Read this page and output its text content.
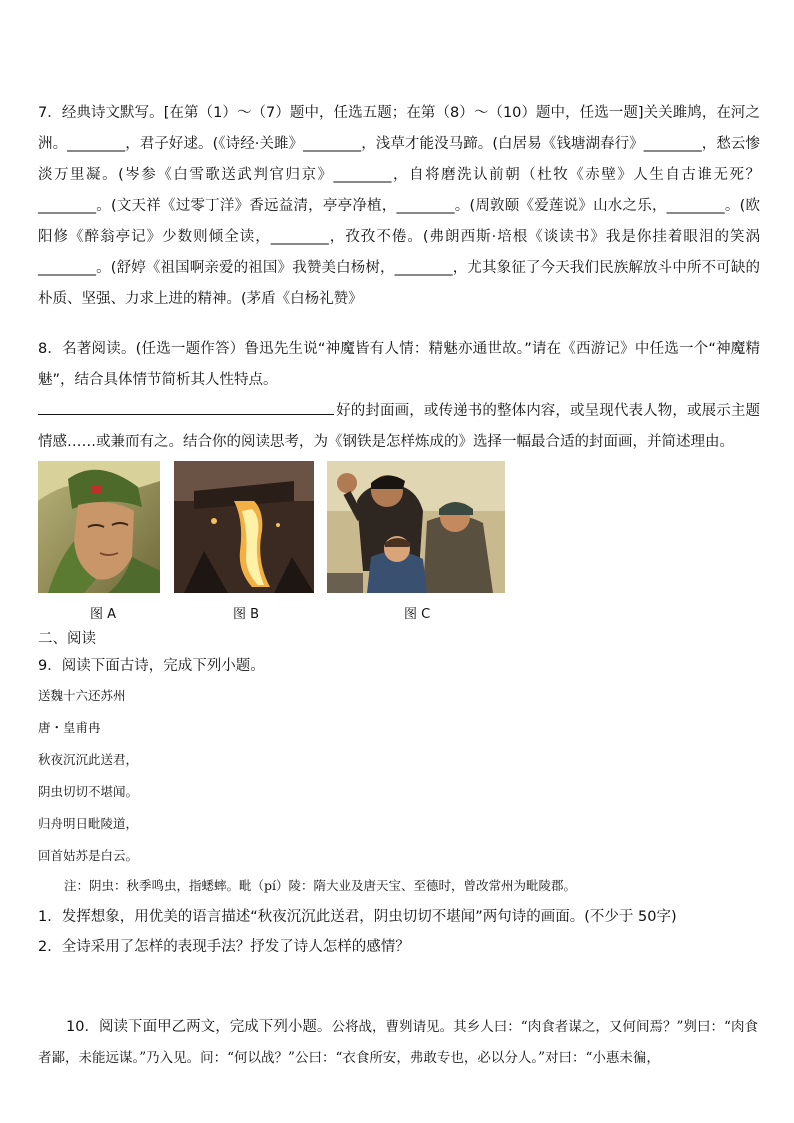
7．经典诗文默写。[在第（1）～（7）题中，任选五题；在第（8）～（10）题中，任选一题]关关雎鸠，在河之洲。________，君子好逑。(《诗经·关雎》________，浅草才能没马蹄。(白居易《钱塘湖春行》________，愁云惨淡万里凝。(岑参《白雪歌送武判官归京》________，自将磨洗认前朝（杜牧《赤壁》人生自古谁无死？________。(文天祥《过零丁洋》香远益清，亭亭净植，________。(周敦颐《爱莲说》山水之乐，________。(欧阳修《醉翁亭记》少数则倾全读，________，孜孜不倦。(弗朗西斯·培根《谈读书》我是你挂着眼泪的笑涡________。(舒婷《祖国啊亲爱的祖国》我赞美白杨树，________，尤其象征了今天我们民族解放斗中所不可缺的朴质、坚强、力求上进的精神。(茅盾《白杨礼赞》

8．名著阅读。(任选一题作答）鲁迅先生说“神魔皆有人情：精魅亦通世故。”请在《西游记》中任选一个“神魔精魅”，结合具体情节简析其人性特点。

好的封面画，或传递书的整体内容，或呈现代表人物，或展示主题情感……或兼而有之。结合你的阅读思考，为《钢铁是怎样炼成的》选择一幅最合适的封面画，并简述理由。

图 A	图 B	图 C
二、阅读
9．阅读下面古诗，完成下列小题。
送魏十六还苏州
唐・皇甫冉
秋夜沉沉此送君，
阴虫切切不堪闻。
归舟明日毗陵道，
回首姑苏是白云。
注：阴虫：秋季鸣虫，指蟋蟀。毗（pí）陵：隋大业及唐天宝、至德时，曾改常州为毗陵郡。
1．发挥想象，用优美的语言描述“秋夜沉沉此送君，阴虫切切不堪闻”两句诗的画面。(不少于 50字)
2．全诗采用了怎样的表现手法？抒发了诗人怎样的感情？

10．阅读下面甲乙两文，完成下列小题。公将战，曹刿请见。其乡人曰：“肉食者谋之，又何间焉？”刿曰：“肉食者鄙，未能远谋。”乃入见。问：“何以战？”公曰：“衣食所安，弗敢专也，必以分人。”对曰：“小惠未徧，
